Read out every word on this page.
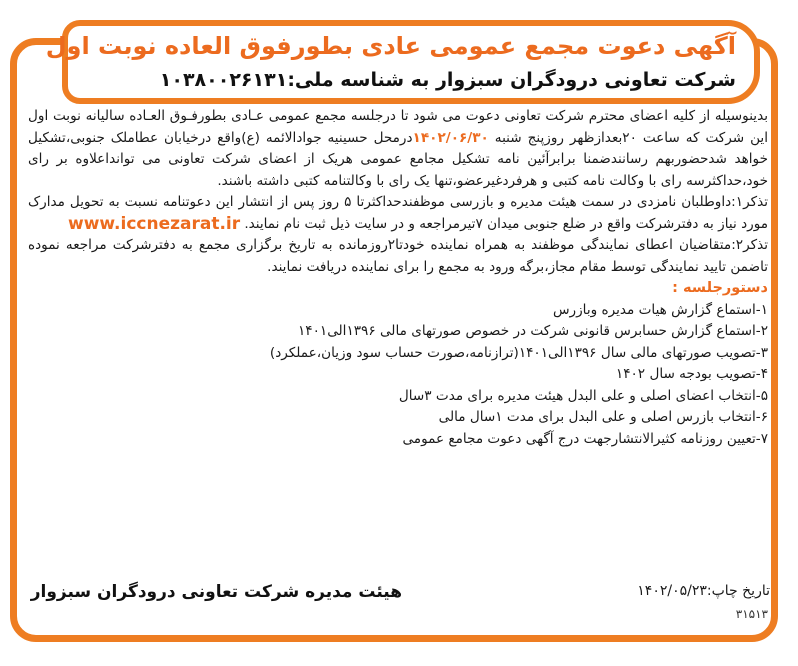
آگهی دعوت مجمع عمومی عادی بطورفوق العاده نوبت اول
شرکت تعاونی درودگران سبزوار به شناسه ملی:۱۰۳۸۰۰۲۶۱۳۱

بدینوسیله از کلیه اعضای محترم شرکت تعاونی دعوت می شود تا درجلسه مجمع عمومی عـادی بطورفـوق العـاده سالیانه نوبت اول این شرکت که ساعت ۲۰بعدازظهر روزپنج شنبه ۱۴۰۲/۰۶/۳۰درمحل حسینیه جوادالائمه (ع)واقع درخیابان عطاملک جنوبی،تشکیل خواهد شدحضوربهم رسانندضمنا برابرآئین نامه تشکیل مجامع عمومی هریک از اعضای شرکت تعاونی می توانداعلاوه بر رای خود،حداکثرسه رای با وکالت نامه کتبی و هرفردغیرعضو،تنها یک رای با وکالتنامه کتبی داشته باشند.

تذکر۱:داوطلبان نامزدی در سمت هیئت مدیره و بازرسی موظفندحداکثرتا ۵ روز پس از انتشار این دعوتنامه نسبت به تحویل مدارک مورد نیاز به دفترشرکت واقع در ضلع جنوبی میدان ۷تیرمراجعه و در سایت ذیل ثبت نام نمایند.

www.iccnezarat.ir

تذکر۲:متقاضیان اعطای نمایندگی موظفند به همراه نماینده خودتا۲روزمانده به تاریخ برگزاری مجمع به دفترشرکت مراجعه نموده تاضمن تایید نمایندگی توسط مقام مجاز،برگه ورود به مجمع را برای نماینده دریافت نمایند.

دستورجلسه :

۱-استماع گزارش هیات مدیره وبازرس
۲-استماع گزارش حسابرس قانونی شرکت در خصوص صورتهای مالی ۱۳۹۶الی۱۴۰۱
۳-تصویب صورتهای مالی سال ۱۳۹۶الی۱۴۰۱(ترازنامه،صورت حساب سود وزیان،عملکرد)
۴-تصویب بودجه سال ۱۴۰۲
۵-انتخاب اعضای اصلی و علی البدل هیئت مدیره برای مدت ۳سال
۶-انتخاب بازرس اصلی و علی البدل برای مدت ۱سال مالی
۷-تعیین روزنامه کثیرالانتشارجهت درج آگهی دعوت مجامع عمومی
تاریخ چاپ:۱۴۰۲/۰۵/۲۳
۳۱۵۱۳
هیئت مدیره شرکت تعاونی درودگران سبزوار
